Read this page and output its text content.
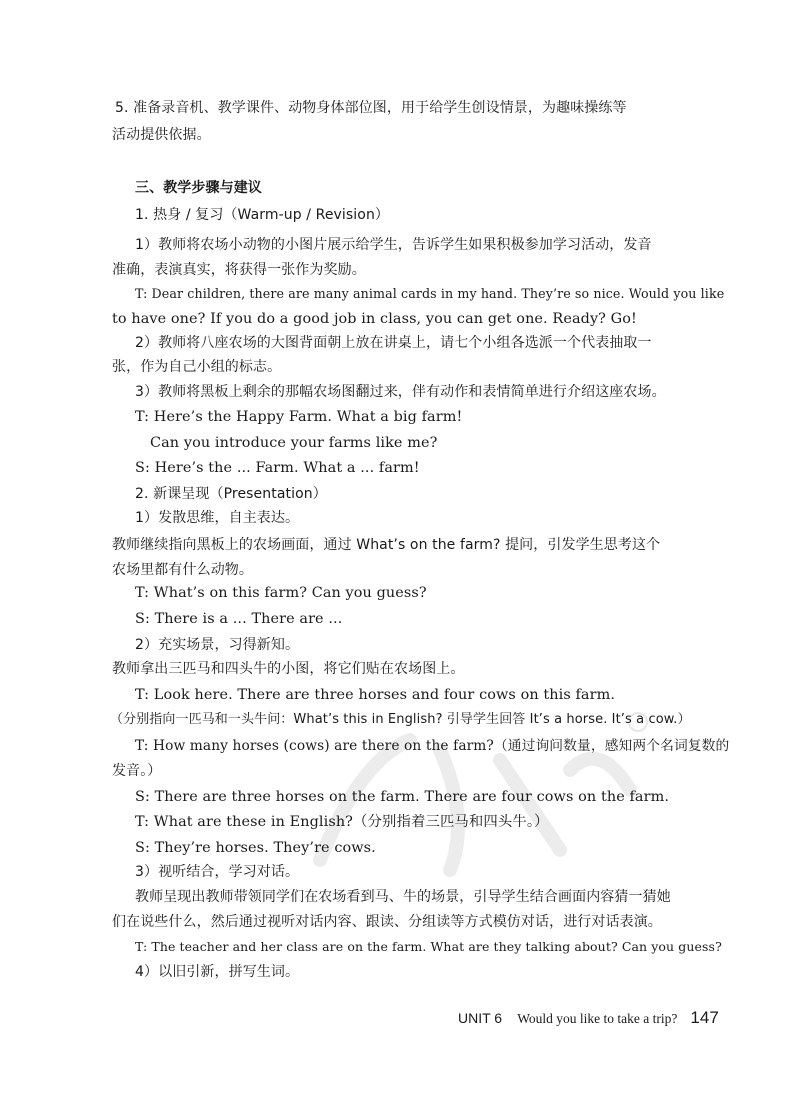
5. 准备录音机、教学课件、动物身体部位图，用于给学生创设情景，为趣味操练等
活动提供依据。
三、教学步骤与建议
1. 热身 / 复习（Warm-up / Revision）
1）教师将农场小动物的小图片展示给学生，告诉学生如果积极参加学习活动，发音
准确，表演真实，将获得一张作为奖励。
T: Dear children, there are many animal cards in my hand. They’re so nice. Would you like
to have one? If you do a good job in class, you can get one. Ready? Go!
2）教师将八座农场的大图背面朝上放在讲桌上，请七个小组各选派一个代表抽取一
张，作为自己小组的标志。
3）教师将黑板上剩余的那幅农场图翻过来，伴有动作和表情简单进行介绍这座农场。
T: Here’s the Happy Farm. What a big farm!
Can you introduce your farms like me?
S: Here’s the ... Farm. What a ... farm!
2. 新课呈现（Presentation）
1）发散思维，自主表达。
教师继续指向黑板上的农场画面，通过 What’s on the farm? 提问，引发学生思考这个
农场里都有什么动物。
T: What’s on this farm? Can you guess?
S: There is a ... There are ...
2）充实场景，习得新知。
教师拿出三匹马和四头牛的小图，将它们贴在农场图上。
T: Look here. There are three horses and four cows on this farm.
（分别指向一匹马和一头牛问：What’s this in English? 引导学生回答 It’s a horse. It’s a cow.）
T: How many horses (cows) are there on the farm?（通过询问数量，感知两个名词复数的
发音。）
S: There are three horses on the farm. There are four cows on the farm.
T: What are these in English?（分别指着三匹马和四头牛。）
S: They’re horses. They’re cows.
3）视听结合，学习对话。
教师呈现出教师带领同学们在农场看到马、牛的场景，引导学生结合画面内容猜一猜她
们在说些什么，然后通过视听对话内容、跟读、分组读等方式模仿对话，进行对话表演。
T: The teacher and her class are on the farm. What are they talking about? Can you guess?
4）以旧引新，拼写生词。
UNIT 6 Would you like to take a trip? 147
